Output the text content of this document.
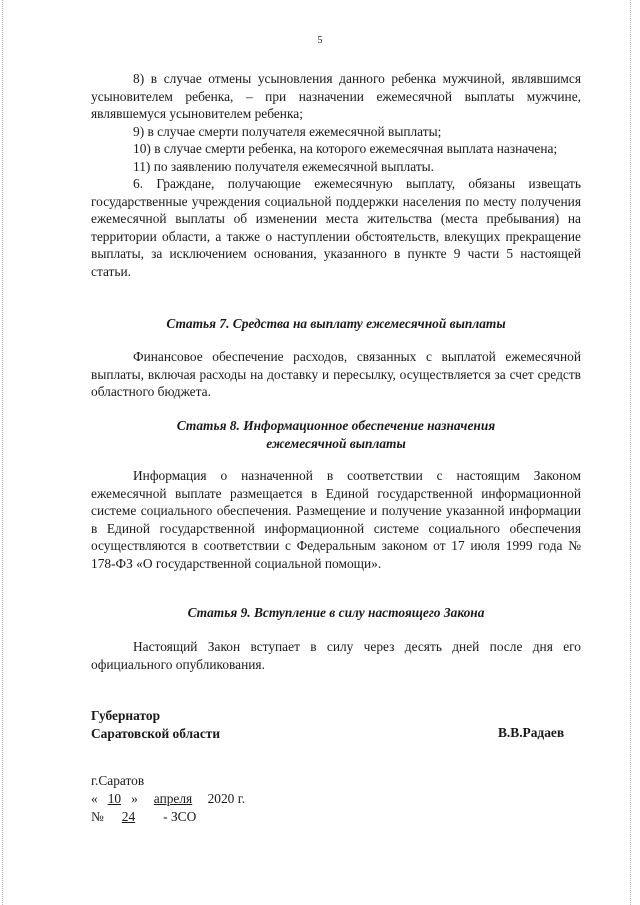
5

8) в случае отмены усыновления данного ребенка мужчиной, являвшимся усыновителем ребенка, – при назначении ежемесячной выплаты мужчине, являвшемуся усыновителем ребенка;

9) в случае смерти получателя ежемесячной выплаты;

10) в случае смерти ребенка, на которого ежемесячная выплата назначена;

11) по заявлению получателя ежемесячной выплаты.

6. Граждане, получающие ежемесячную выплату, обязаны извещать государственные учреждения социальной поддержки населения по месту получения ежемесячной выплаты об изменении места жительства (места пребывания) на территории области, а также о наступлении обстоятельств, влекущих прекращение выплаты, за исключением основания, указанного в пункте 9 части 5 настоящей статьи.

Статья 7. Средства на выплату ежемесячной выплаты

Финансовое обеспечение расходов, связанных с выплатой ежемесячной выплаты, включая расходы на доставку и пересылку, осуществляется за счет средств областного бюджета.

Статья 8. Информационное обеспечение назначения

ежемесячной выплаты

Информация о назначенной в соответствии с настоящим Законом ежемесячной выплате размещается в Единой государственной информационной системе социального обеспечения. Размещение и получение указанной информации в Единой государственной информационной системе социального обеспечения осуществляются в соответствии с Федеральным законом от 17 июля 1999 года № 178-ФЗ «О государственной социальной помощи».

Статья 9. Вступление в силу настоящего Закона

Настоящий Закон вступает в силу через десять дней после дня его официального опубликования.

Губернатор
Саратовской области	В.В.Радаев
г.Саратов
« 10 » апреля 2020 г.
№ 24 - ЗСО
